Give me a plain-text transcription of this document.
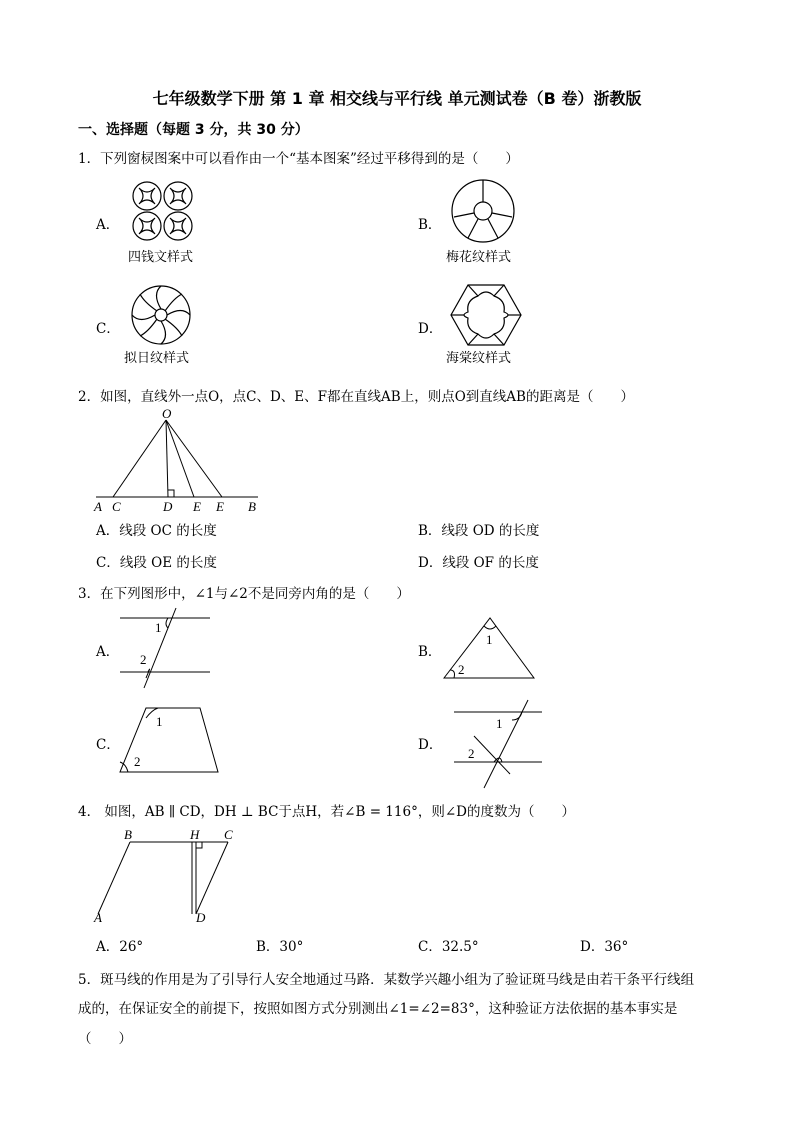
七年级数学下册 第 1 章 相交线与平行线 单元测试卷（B 卷）浙教版
一、选择题（每题 3 分，共 30 分）
1．下列窗棂图案中可以看作由一个“基本图案”经过平移得到的是（　　）
A．
四钱文样式
B．
梅花纹样式
C．
拟日纹样式
D．
海棠纹样式
2．如图，直线外一点O，点C、D、E、F都在直线AB上，则点O到直线AB的距离是（　　）
O
A C	D E E B
A．线段 OC 的长度	B．线段 OD 的长度
C．线段 OE 的长度	D．线段 OF 的长度
3．在下列图形中，∠1与∠2不是同旁内角的是（　　）
A．
1
2	B．
1
2
C．
1
2
D．
1
2
4． 如图，AB ∥ CD，DH ⊥ BC于点H，若∠B = 116°，则∠D的度数为（　　）
B	H C
A	D
A．26°	B．30°	C．32.5°	D．36°
5．斑马线的作用是为了引导行人安全地通过马路．某数学兴趣小组为了验证斑马线是由若干条平行线组
成的，在保证安全的前提下，按照如图方式分别测出∠1=∠2=83°，这种验证方法依据的基本事实是
（　　）
